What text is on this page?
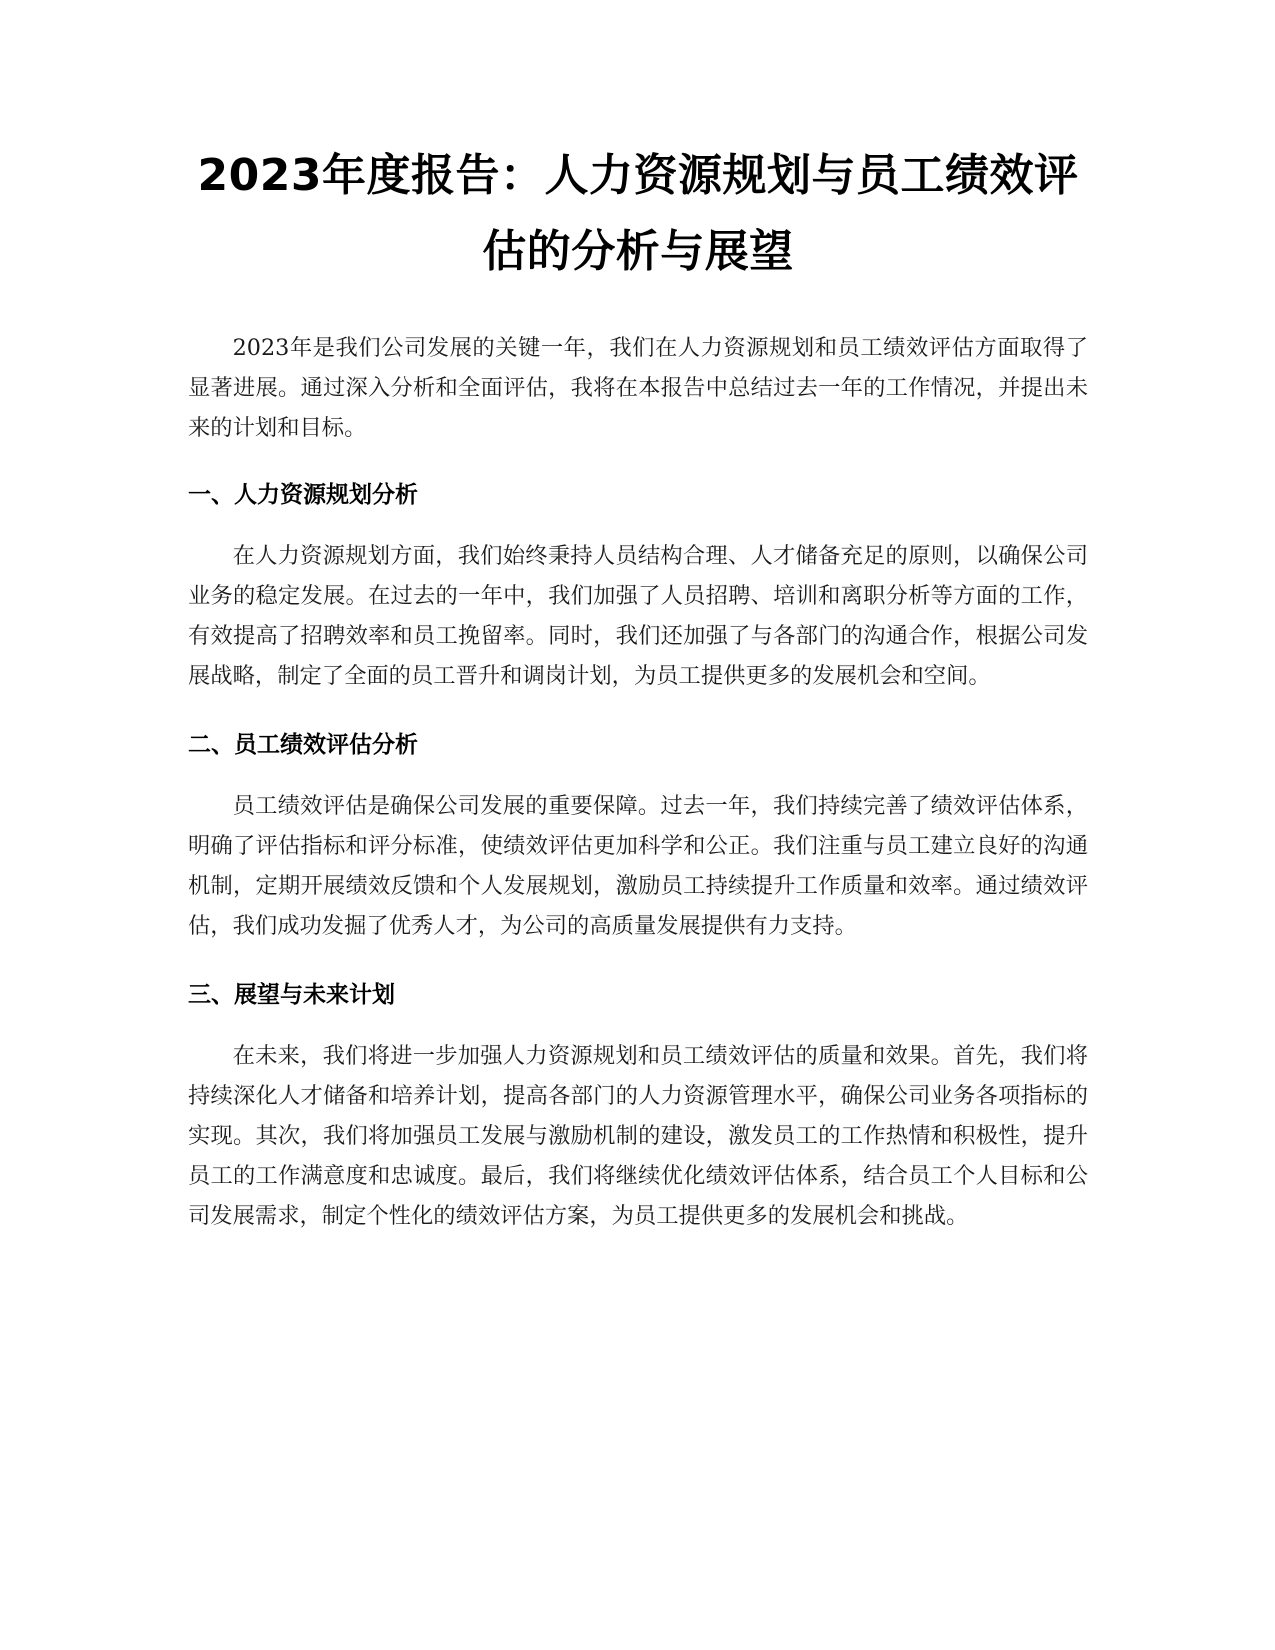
2023年度报告：人力资源规划与员工绩效评估的分析与展望

2023年是我们公司发展的关键一年，我们在人力资源规划和员工绩效评估方面取得了显著进展。通过深入分析和全面评估，我将在本报告中总结过去一年的工作情况，并提出未来的计划和目标。

一、人力资源规划分析

在人力资源规划方面，我们始终秉持人员结构合理、人才储备充足的原则，以确保公司业务的稳定发展。在过去的一年中，我们加强了人员招聘、培训和离职分析等方面的工作，有效提高了招聘效率和员工挽留率。同时，我们还加强了与各部门的沟通合作，根据公司发展战略，制定了全面的员工晋升和调岗计划，为员工提供更多的发展机会和空间。

二、员工绩效评估分析

员工绩效评估是确保公司发展的重要保障。过去一年，我们持续完善了绩效评估体系，明确了评估指标和评分标准，使绩效评估更加科学和公正。我们注重与员工建立良好的沟通机制，定期开展绩效反馈和个人发展规划，激励员工持续提升工作质量和效率。通过绩效评估，我们成功发掘了优秀人才，为公司的高质量发展提供有力支持。

三、展望与未来计划

在未来，我们将进一步加强人力资源规划和员工绩效评估的质量和效果。首先，我们将持续深化人才储备和培养计划，提高各部门的人力资源管理水平，确保公司业务各项指标的实现。其次，我们将加强员工发展与激励机制的建设，激发员工的工作热情和积极性，提升员工的工作满意度和忠诚度。最后，我们将继续优化绩效评估体系，结合员工个人目标和公司发展需求，制定个性化的绩效评估方案，为员工提供更多的发展机会和挑战。
